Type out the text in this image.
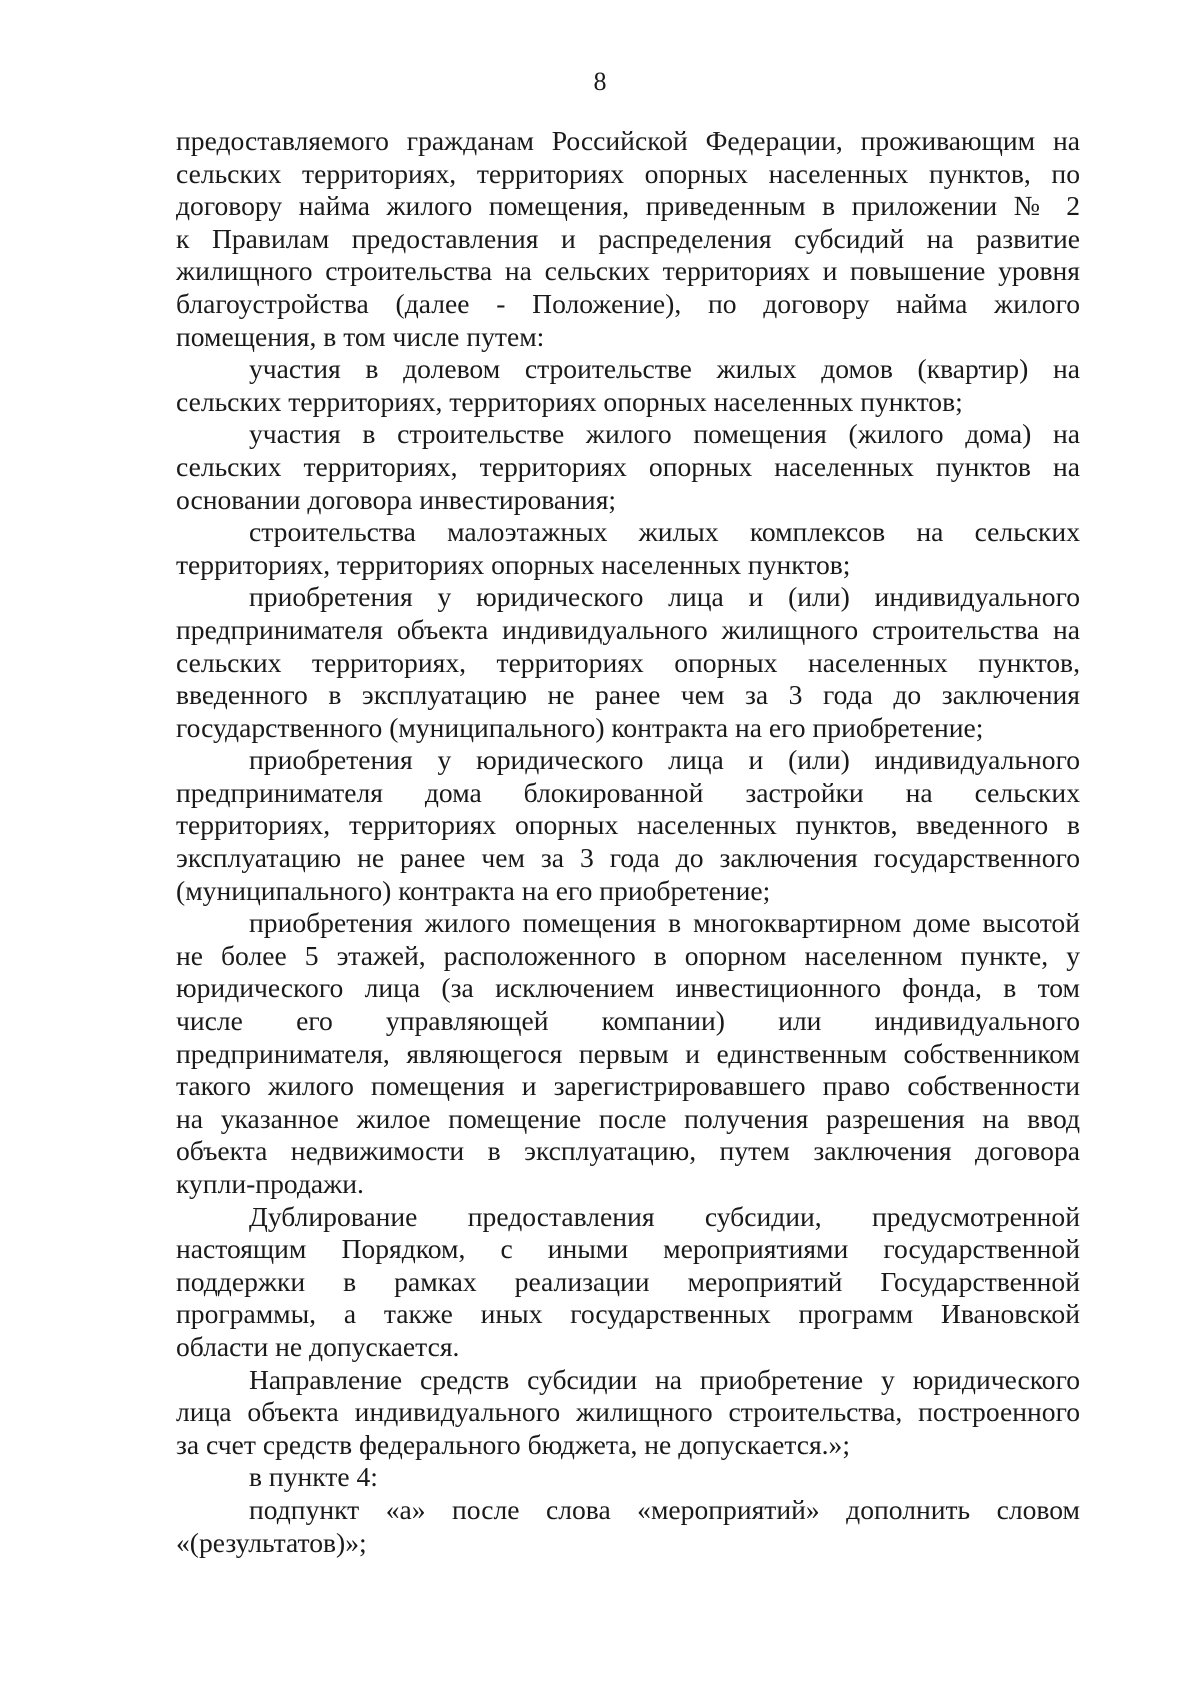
8

предоставляемого гражданам Российской Федерации, проживающим на

сельских территориях, территориях опорных населенных пунктов, по

договору найма жилого помещения, приведенным в приложении № 2

к Правилам предоставления и распределения субсидий на развитие

жилищного строительства на сельских территориях и повышение уровня

благоустройства (далее - Положение), по договору найма жилого

помещения, в том числе путем:

участия в долевом строительстве жилых домов (квартир) на

сельских территориях, территориях опорных населенных пунктов;

участия в строительстве жилого помещения (жилого дома) на

сельских территориях, территориях опорных населенных пунктов на

основании договора инвестирования;

строительства малоэтажных жилых комплексов на сельских

территориях, территориях опорных населенных пунктов;

приобретения у юридического лица и (или) индивидуального

предпринимателя объекта индивидуального жилищного строительства на

сельских территориях, территориях опорных населенных пунктов,

введенного в эксплуатацию не ранее чем за 3 года до заключения

государственного (муниципального) контракта на его приобретение;

приобретения у юридического лица и (или) индивидуального

предпринимателя дома блокированной застройки на сельских

территориях, территориях опорных населенных пунктов, введенного в

эксплуатацию не ранее чем за 3 года до заключения государственного

(муниципального) контракта на его приобретение;

приобретения жилого помещения в многоквартирном доме высотой

не более 5 этажей, расположенного в опорном населенном пункте, у

юридического лица (за исключением инвестиционного фонда, в том

числе его управляющей компании) или индивидуального

предпринимателя, являющегося первым и единственным собственником

такого жилого помещения и зарегистрировавшего право собственности

на указанное жилое помещение после получения разрешения на ввод

объекта недвижимости в эксплуатацию, путем заключения договора

купли-продажи.

Дублирование предоставления субсидии, предусмотренной

настоящим Порядком, с иными мероприятиями государственной

поддержки в рамках реализации мероприятий Государственной

программы, а также иных государственных программ Ивановской

области не допускается.

Направление средств субсидии на приобретение у юридического

лица объекта индивидуального жилищного строительства, построенного

за счет средств федерального бюджета, не допускается.»;

в пункте 4:

подпункт «а» после слова «мероприятий» дополнить словом

«(результатов)»;
